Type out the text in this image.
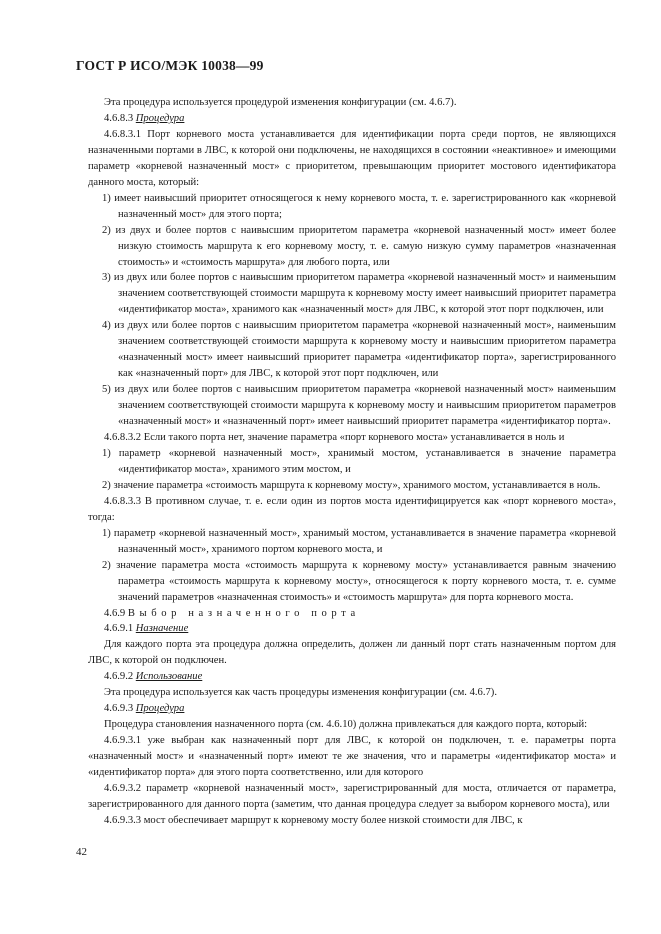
ГОСТ Р ИСО/МЭК 10038—99

Эта процедура используется процедурой изменения конфигурации (см. 4.6.7).

4.6.8.3 Процедура

4.6.8.3.1 Порт корневого моста устанавливается для идентификации порта среди портов, не являющихся назначенными портами в ЛВС, к которой они подключены, не находящихся в состоянии «неактивное» и имеющими параметр «корневой назначенный мост» с приоритетом, превышающим приоритет мостового идентификатора данного моста, который:

1) имеет наивысший приоритет относящегося к нему корневого моста, т. е. зарегистрированного как «корневой назначенный мост» для этого порта;

2) из двух и более портов с наивысшим приоритетом параметра «корневой назначенный мост» имеет более низкую стоимость маршрута к его корневому мосту, т. е. самую низкую сумму параметров «назначенная стоимость» и «стоимость маршрута» для любого порта, или

3) из двух или более портов с наивысшим приоритетом параметра «корневой назначенный мост» и наименьшим значением соответствующей стоимости маршрута к корневому мосту имеет наивысший приоритет параметра «идентификатор моста», хранимого как «назначенный мост» для ЛВС, к которой этот порт подключен, или

4) из двух или более портов с наивысшим приоритетом параметра «корневой назначенный мост», наименьшим значением соответствующей стоимости маршрута к корневому мосту и наивысшим приоритетом параметра «назначенный мост» имеет наивысший приоритет параметра «идентификатор порта», зарегистрированного как «назначенный порт» для ЛВС, к которой этот порт подключен, или

5) из двух или более портов с наивысшим приоритетом параметра «корневой назначенный мост» наименьшим значением соответствующей стоимости маршрута к корневому мосту и наивысшим приоритетом параметров «назначенный мост» и «назначенный порт» имеет наивысший приоритет параметра «идентификатор порта».

4.6.8.3.2 Если такого порта нет, значение параметра «порт корневого моста» устанавливается в ноль и

1) параметр «корневой назначенный мост», хранимый мостом, устанавливается в значение параметра «идентификатор моста», хранимого этим мостом, и

2) значение параметра «стоимость маршрута к корневому мосту», хранимого мостом, устанавливается в ноль.

4.6.8.3.3 В противном случае, т. е. если один из портов моста идентифицируется как «порт корневого моста», тогда:

1) параметр «корневой назначенный мост», хранимый мостом, устанавливается в значение параметра «корневой назначенный мост», хранимого портом корневого моста, и

2) значение параметра моста «стоимость маршрута к корневому мосту» устанавливается равным значению параметра «стоимость маршрута к корневому мосту», относящегося к порту корневого моста, т. е. сумме значений параметров «назначенная стоимость» и «стоимость маршрута» для порта корневого моста.

4.6.9 Выбор назначенного порта

4.6.9.1 Назначение

Для каждого порта эта процедура должна определить, должен ли данный порт стать назначенным портом для ЛВС, к которой он подключен.

4.6.9.2 Использование

Эта процедура используется как часть процедуры изменения конфигурации (см. 4.6.7).

4.6.9.3 Процедура

Процедура становления назначенного порта (см. 4.6.10) должна привлекаться для каждого порта, который:

4.6.9.3.1 уже выбран как назначенный порт для ЛВС, к которой он подключен, т. е. параметры порта «назначенный мост» и «назначенный порт» имеют те же значения, что и параметры «идентификатор моста» и «идентификатор порта» для этого порта соответственно, или для которого

4.6.9.3.2 параметр «корневой назначенный мост», зарегистрированный для моста, отличается от параметра, зарегистрированного для данного порта (заметим, что данная процедура следует за выбором корневого моста), или

4.6.9.3.3 мост обеспечивает маршрут к корневому мосту более низкой стоимости для ЛВС, к

42
